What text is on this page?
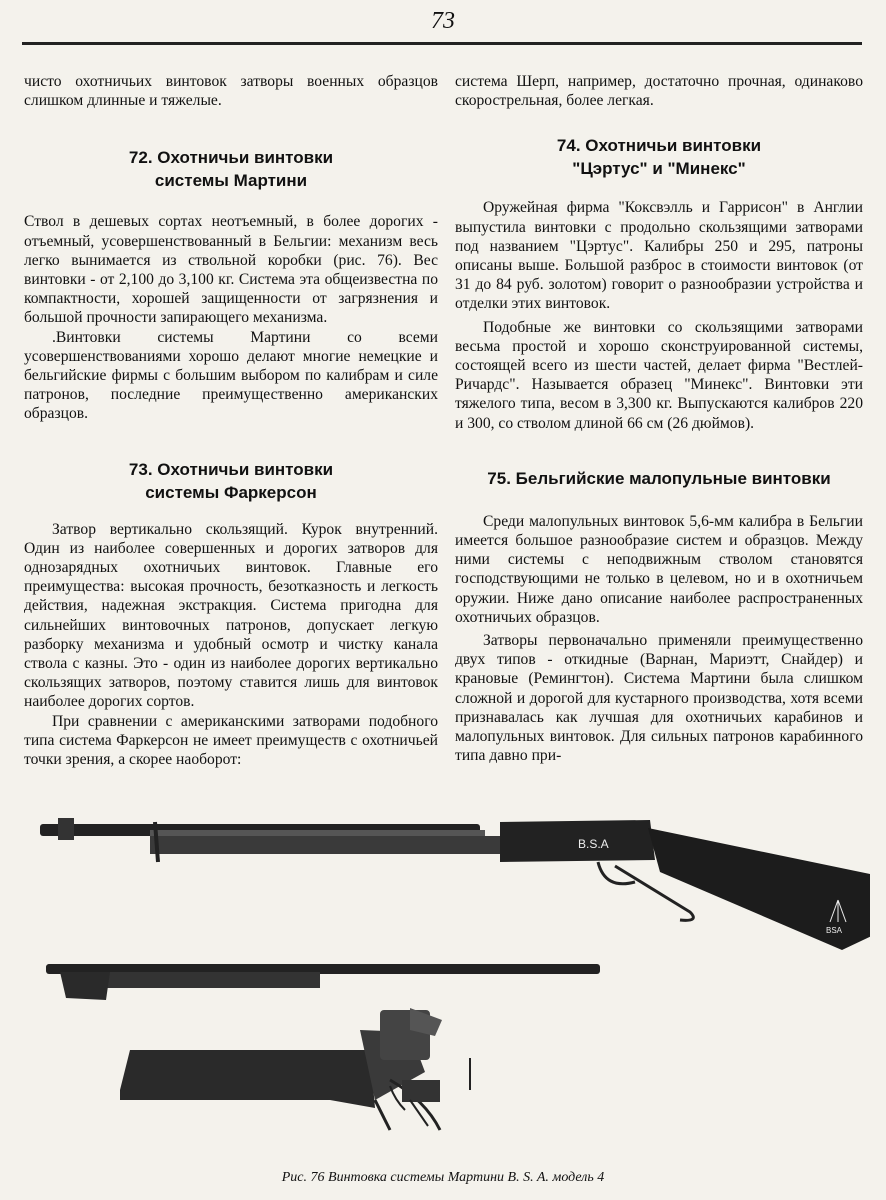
73

чисто охотничьих винтовок затворы военных образцов слишком длинные и тяжелые.

72. Охотничьи винтовки
системы Мартини

Ствол в дешевых сортах неотъемный, в более дорогих - отъемный, усовершенствованный в Бельгии: механизм весь легко вынимается из ствольной коробки (рис. 76). Вес винтовки - от 2,100 до 3,100 кг. Система эта общеизвестна по компактности, хорошей защищенности от загрязнения и большой прочности запирающего механизма.

.Винтовки системы Мартини со всеми усовершенствованиями хорошо делают многие немецкие и бельгийские фирмы с большим выбором по калибрам и силе патронов, последние преимущественно американских образцов.

73. Охотничьи винтовки
системы Фаркерсон

Затвор вертикально скользящий. Курок внутренний. Один из наиболее совершенных и дорогих затворов для однозарядных охотничьих винтовок. Главные его преимущества: высокая прочность, безотказность и легкость действия, надежная экстракция. Система пригодна для сильнейших винтовочных патронов, допускает легкую разборку механизма и удобный осмотр и чистку канала ствола с казны. Это - один из наиболее дорогих вертикально скользящих затворов, поэтому ставится лишь для винтовок наиболее дорогих сортов.

При сравнении с американскими затворами подобного типа система Фаркерсон не имеет преимуществ с охотничьей точки зрения, а скорее наоборот:

система Шерп, например, достаточно прочная, одинаково скорострельная, более легкая.

74. Охотничьи винтовки
"Цэртус" и "Минекс"

Оружейная фирма "Коксвэлль и Гаррисон" в Англии выпустила винтовки с продольно скользящими затворами под названием "Цэртус". Калибры 250 и 295, патроны описаны выше. Большой разброс в стоимости винтовок (от 31 до 84 руб. золотом) говорит о разнообразии устройства и отделки этих винтовок.

Подобные же винтовки со скользящими затворами весьма простой и хорошо сконструированной системы, состоящей всего из шести частей, делает фирма "Вестлей-Ричардс". Называется образец "Минекс". Винтовки эти тяжелого типа, весом в 3,300 кг. Выпускаются калибров 220 и 300, со стволом длиной 66 см (26 дюймов).

75. Бельгийские малопульные винтовки

Среди малопульных винтовок 5,6-мм калибра в Бельгии имеется большое разнообразие систем и образцов. Между ними системы с неподвижным стволом становятся господствующими не только в целевом, но и в охотничьем оружии. Ниже дано описание наиболее распространенных охотничьих образцов.

Затворы первоначально применяли преимущественно двух типов - откидные (Варнан, Мариэтт, Снайдер) и крановые (Ремингтон). Система Мартини была слишком сложной и дорогой для кустарного производства, хотя всеми признавалась как лучшая для охотничьих карабинов и малопульных винтовок. Для сильных патронов карабинного типа давно при-

B.S.A
BSA
Рис. 76 Винтовка системы Мартини B. S. A. модель 4
